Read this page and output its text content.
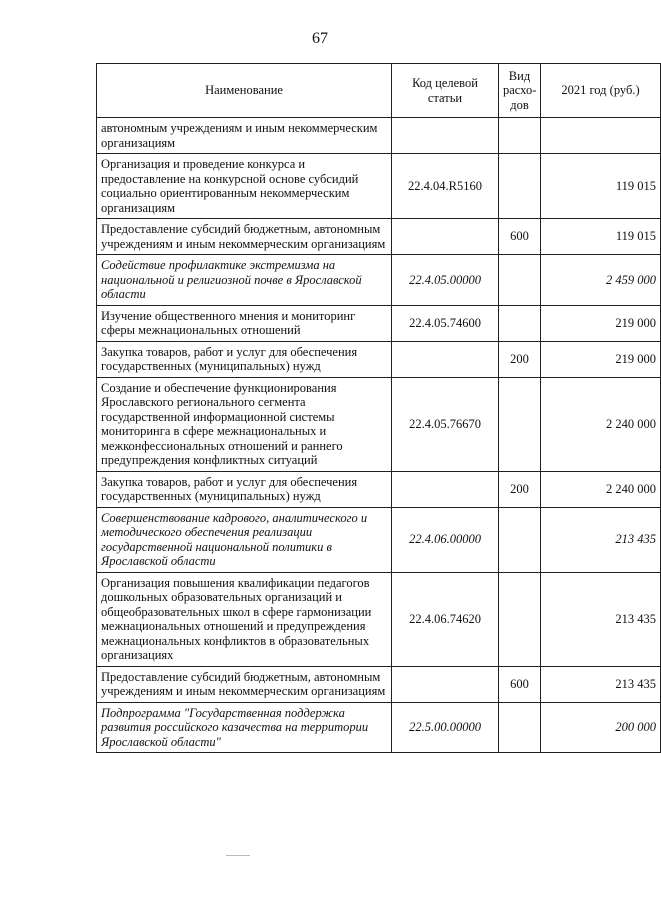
67
Наименование	Код целевой статьи	Вид расхо-дов	2021 год (руб.)
автономным учреждениям и иным некоммерческим организациям			
Организация и проведение конкурса и предоставление на конкурсной основе субсидий социально ориентированным некоммерческим организациям	22.4.04.R5160		119 015
Предоставление субсидий бюджетным, автономным учреждениям и иным некоммерческим организациям		600	119 015
Содействие профилактике экстремизма на национальной и религиозной почве в Ярославской области	22.4.05.00000		2 459 000
Изучение общественного мнения и мониторинг сферы межнациональных отношений	22.4.05.74600		219 000
Закупка товаров, работ и услуг для обеспечения государственных (муниципальных) нужд		200	219 000
Создание и обеспечение функционирования Ярославского регионального сегмента государственной информационной системы мониторинга в сфере межнациональных и межконфессиональных отношений и раннего предупреждения конфликтных ситуаций	22.4.05.76670		2 240 000
Закупка товаров, работ и услуг для обеспечения государственных (муниципальных) нужд		200	2 240 000
Совершенствование кадрового, аналитического и методического обеспечения реализации государственной национальной политики в Ярославской области	22.4.06.00000		213 435
Организация повышения квалификации педагогов дошкольных образовательных организаций и общеобразовательных школ в сфере гармонизации межнациональных отношений и предупреждения межнациональных конфликтов в образовательных организациях	22.4.06.74620		213 435
Предоставление субсидий бюджетным, автономным учреждениям и иным некоммерческим организациям		600	213 435
Подпрограмма "Государственная поддержка развития российского казачества на территории Ярославской области"	22.5.00.00000		200 000
